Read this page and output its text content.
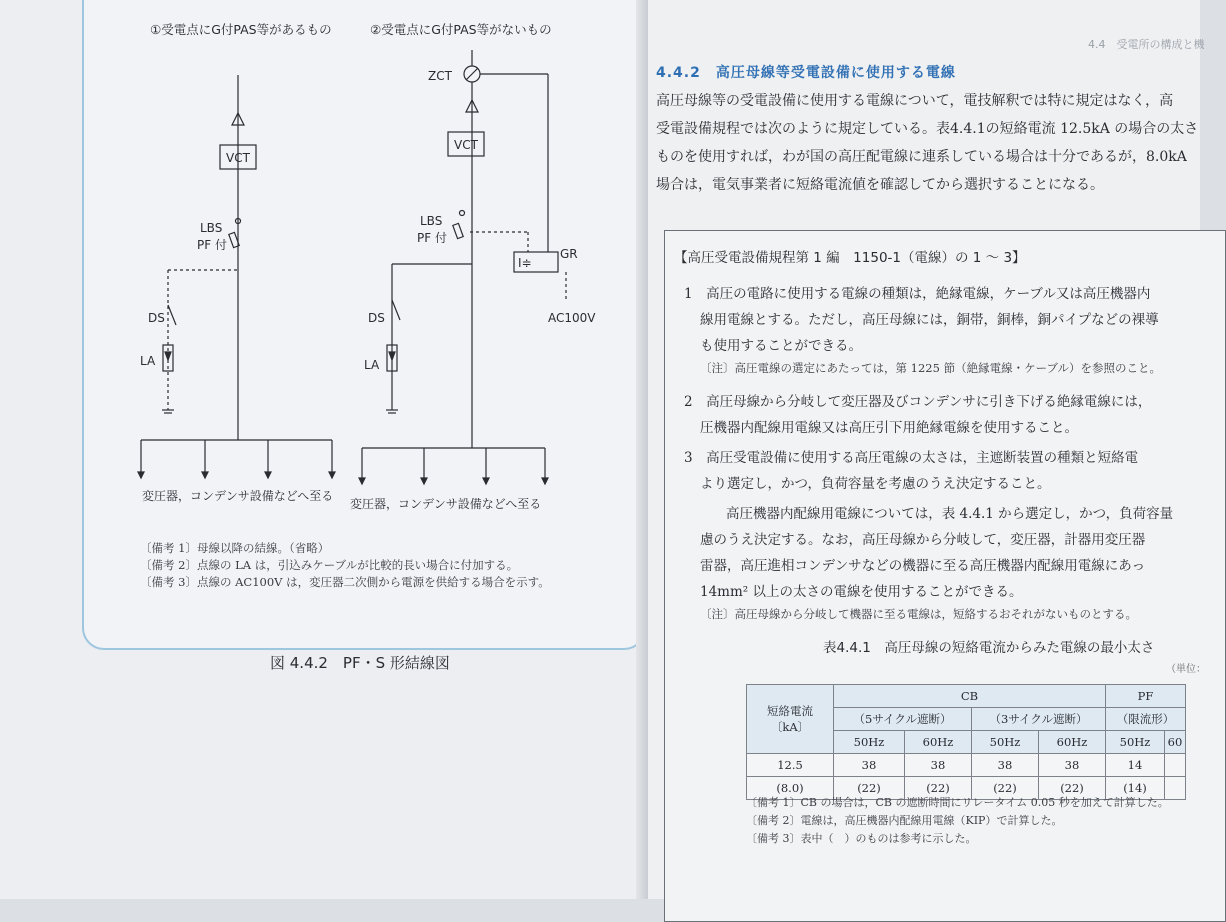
①受電点にG付PAS等があるもの	②受電点にG付PAS等がないもの
VCT
LBS
PF 付
DS
LA
変圧器，コンデンサ設備などへ至る
ZCT
VCT
LBS
PF 付
I≑
GR
AC100V
DS
LA
変圧器，コンデンサ設備などへ至る
〔備考 1〕母線以降の結線。（省略）
〔備考 2〕点線の LA は，引込みケーブルが比較的長い場合に付加する。
〔備考 3〕点線の AC100V は，変圧器二次側から電源を供給する場合を示す。
図 4.4.2　PF・S 形結線図
4.4　受電所の構成と機
4.4.2　高圧母線等受電設備に使用する電線
高圧母線等の受電設備に使用する電線について，電技解釈では特に規定はなく，高
受電設備規程では次のように規定している。表4.4.1の短絡電流 12.5kA の場合の太さ
ものを使用すれば，わが国の高圧配電線に連系している場合は十分であるが，8.0kA
場合は，電気事業者に短絡電流値を確認してから選択することになる。
【高圧受電設備規程第 1 編　1150-1（電線）の 1 ～ 3】
1　高圧の電路に使用する電線の種類は，絶縁電線，ケーブル又は高圧機器内
線用電線とする。ただし，高圧母線には，銅帯，銅棒，銅パイプなどの裸導
も使用することができる。
〔注〕高圧電線の選定にあたっては，第 1225 節（絶縁電線・ケーブル）を参照のこと。
2　高圧母線から分岐して変圧器及びコンデンサに引き下げる絶縁電線には，
圧機器内配線用電線又は高圧引下用絶縁電線を使用すること。
3　高圧受電設備に使用する高圧電線の太さは，主遮断装置の種類と短絡電
より選定し，かつ，負荷容量を考慮のうえ決定すること。
高圧機器内配線用電線については，表 4.4.1 から選定し，かつ，負荷容量
慮のうえ決定する。なお，高圧母線から分岐して，変圧器，計器用変圧器
雷器，高圧進相コンデンサなどの機器に至る高圧機器内配線用電線にあっ
14mm² 以上の太さの電線を使用することができる。
〔注〕高圧母線から分岐して機器に至る電線は，短絡するおそれがないものとする。
表4.4.1　高圧母線の短絡電流からみた電線の最小太さ
（単位：
短絡電流
〔kA〕	CB				PF	
	（5サイクル遮断）		（3サイクル遮断）		（限流形）	
	50Hz	60Hz	50Hz	60Hz	50Hz	60
12.5	38	38	38	38	14	
(8.0)	(22)	(22)	(22)	(22)	(14)	
〔備考 1〕CB の場合は，CB の遮断時間にリレータイム 0.05 秒を加えて計算した。
〔備考 2〕電線は，高圧機器内配線用電線（KIP）で計算した。
〔備考 3〕表中（　）のものは参考に示した。
